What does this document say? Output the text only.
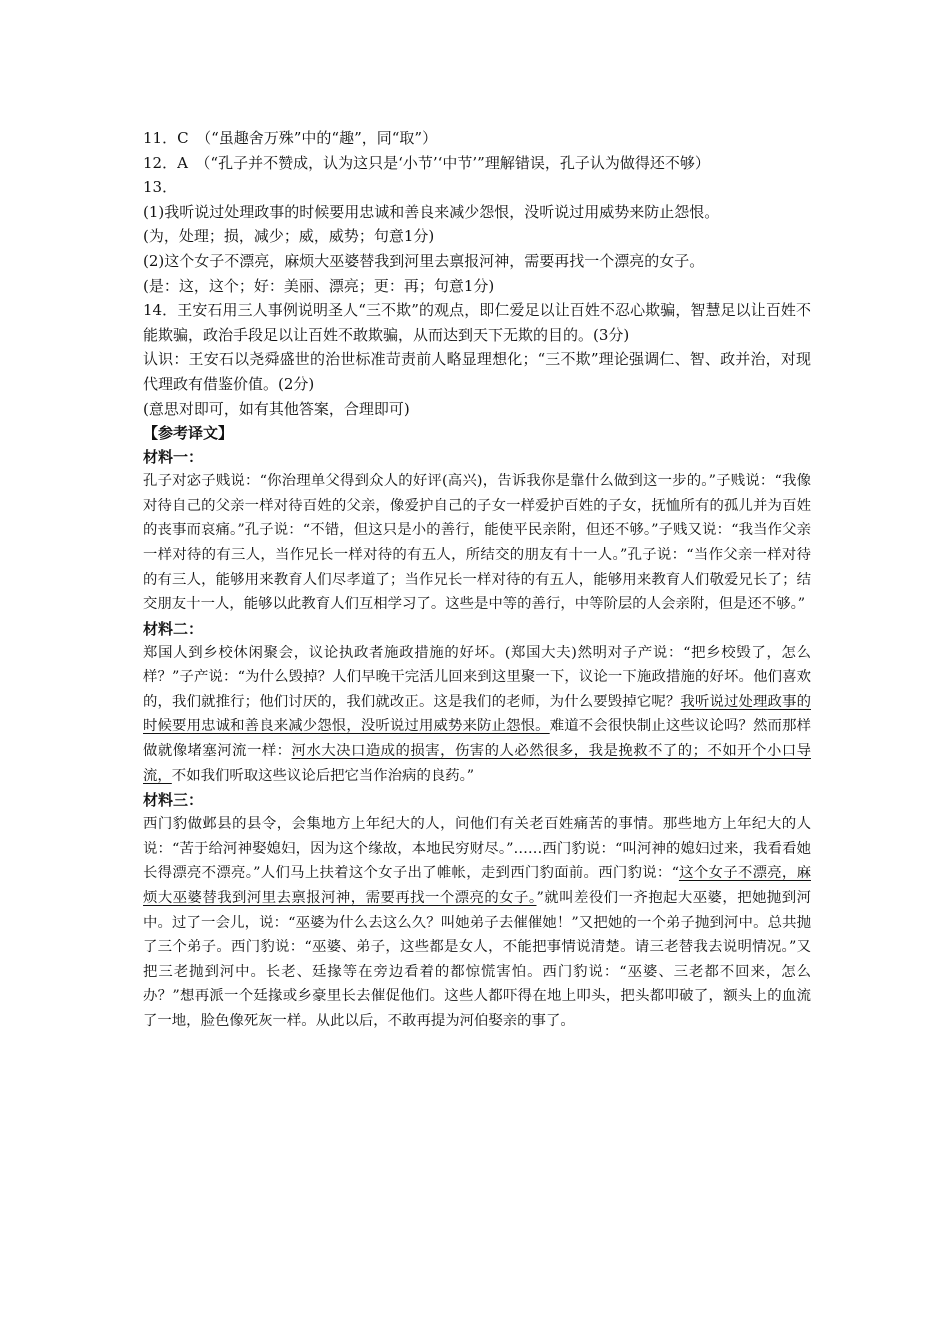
11．C　（“虽趣舍万殊”中的“趣”，同“取”）

12．A　（“孔子并不赞成，认为这只是‘小节’‘中节’”理解错误，孔子认为做得还不够）

13．

(1)我听说过处理政事的时候要用忠诚和善良来减少怨恨，没听说过用威势来防止怨恨。

(为，处理；损，减少；威，威势；句意1分)

(2)这个女子不漂亮，麻烦大巫婆替我到河里去禀报河神，需要再找一个漂亮的女子。

(是：这，这个；好：美丽、漂亮；更：再；句意1分)

14．王安石用三人事例说明圣人“三不欺”的观点，即仁爱足以让百姓不忍心欺骗，智慧足以让百姓不能欺骗，政治手段足以让百姓不敢欺骗，从而达到天下无欺的目的。(3分)

认识：王安石以尧舜盛世的治世标准苛责前人略显理想化；“三不欺”理论强调仁、智、政并治，对现代理政有借鉴价值。(2分)

(意思对即可，如有其他答案，合理即可)

【参考译文】

材料一：

孔子对宓子贱说：“你治理单父得到众人的好评(高兴)，告诉我你是靠什么做到这一步的。”子贱说：“我像对待自己的父亲一样对待百姓的父亲，像爱护自己的子女一样爱护百姓的子女，抚恤所有的孤儿并为百姓的丧事而哀痛。”孔子说：“不错，但这只是小的善行，能使平民亲附，但还不够。”子贱又说：“我当作父亲一样对待的有三人，当作兄长一样对待的有五人，所结交的朋友有十一人。”孔子说：“当作父亲一样对待的有三人，能够用来教育人们尽孝道了；当作兄长一样对待的有五人，能够用来教育人们敬爱兄长了；结交朋友十一人，能够以此教育人们互相学习了。这些是中等的善行，中等阶层的人会亲附，但是还不够。”

材料二：

郑国人到乡校休闲聚会，议论执政者施政措施的好坏。(郑国大夫)然明对子产说：“把乡校毁了，怎么样？”子产说：“为什么毁掉？人们早晚干完活儿回来到这里聚一下，议论一下施政措施的好坏。他们喜欢的，我们就推行；他们讨厌的，我们就改正。这是我们的老师，为什么要毁掉它呢？我听说过处理政事的时候要用忠诚和善良来减少怨恨，没听说过用威势来防止怨恨。难道不会很快制止这些议论吗？然而那样做就像堵塞河流一样：河水大决口造成的损害，伤害的人必然很多，我是挽救不了的；不如开个小口导流，不如我们听取这些议论后把它当作治病的良药。”

材料三：

西门豹做邺县的县令，会集地方上年纪大的人，问他们有关老百姓痛苦的事情。那些地方上年纪大的人说：“苦于给河神娶媳妇，因为这个缘故，本地民穷财尽。”……西门豹说：“叫河神的媳妇过来，我看看她长得漂亮不漂亮。”人们马上扶着这个女子出了帷帐，走到西门豹面前。西门豹说：“这个女子不漂亮，麻烦大巫婆替我到河里去禀报河神，需要再找一个漂亮的女子。”就叫差役们一齐抱起大巫婆，把她抛到河中。过了一会儿，说：“巫婆为什么去这么久？叫她弟子去催催她！”又把她的一个弟子抛到河中。总共抛了三个弟子。西门豹说：“巫婆、弟子，这些都是女人，不能把事情说清楚。请三老替我去说明情况。”又把三老抛到河中。长老、廷掾等在旁边看着的都惊慌害怕。西门豹说：“巫婆、三老都不回来，怎么办？”想再派一个廷掾或乡豪里长去催促他们。这些人都吓得在地上叩头，把头都叩破了，额头上的血流了一地，脸色像死灰一样。从此以后，不敢再提为河伯娶亲的事了。
